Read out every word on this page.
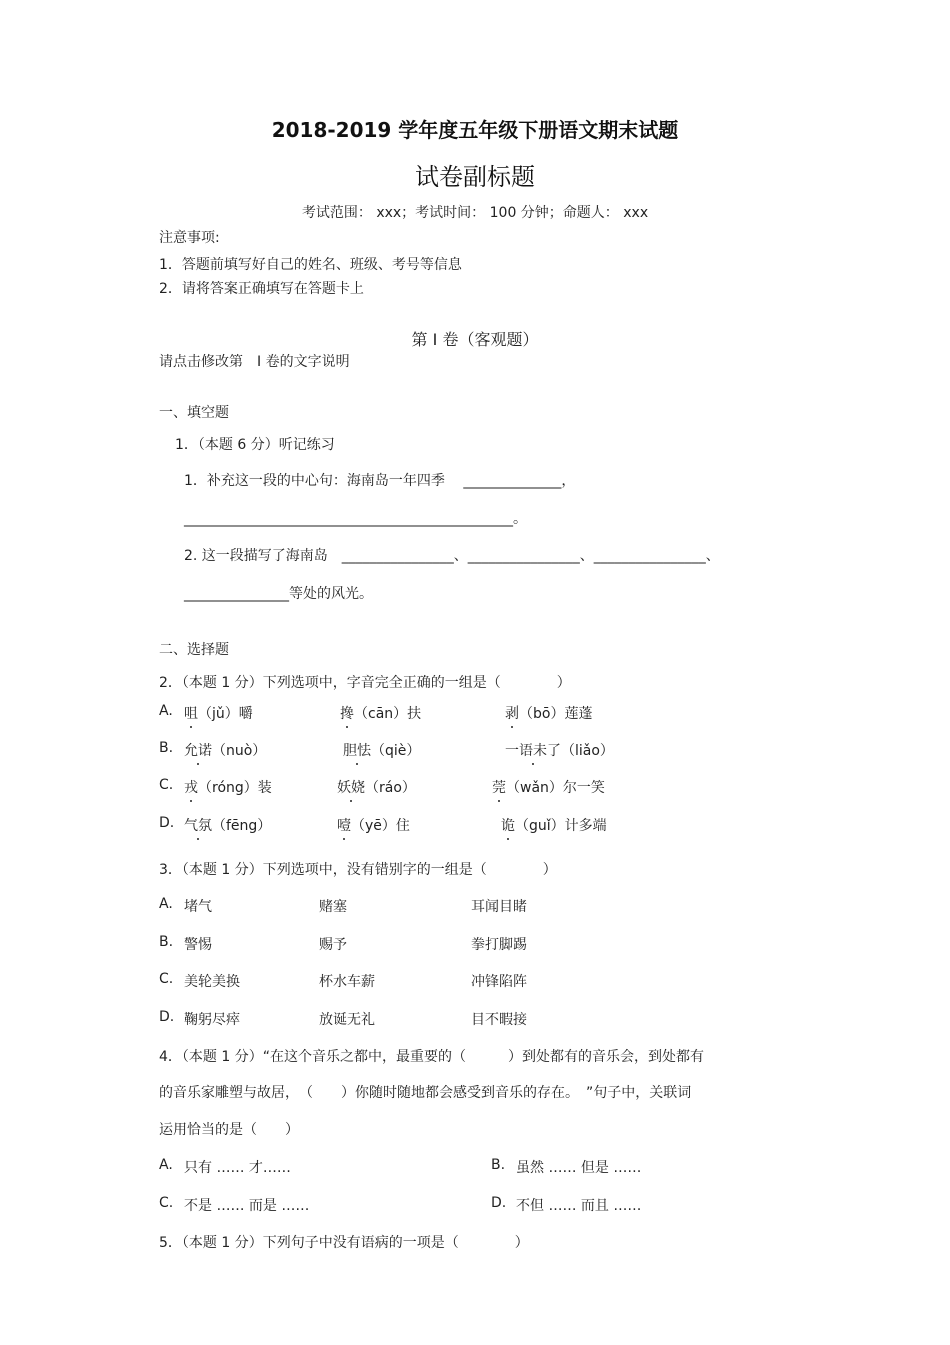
2018-2019 学年度五年级下册语文期末试题
试卷副标题
考试范围： xxx；考试时间： 100 分钟；命题人： xxx
注意事项:
1．答题前填写好自己的姓名、班级、考号等信息
2．请将答案正确填写在答题卡上
第 I 卷（客观题）
请点击修改第　I 卷的文字说明
一、填空题
1．（本题 6 分）听记练习
1．补充这一段的中心句：海南岛一年四季　 ______________，
_______________________________________________。
2. 这一段描写了海南岛　________________、________________、________________、
_______________等处的风光。
二、选择题
2．（本题 1 分）下列选项中，字音完全正确的一组是（　　　　）
A. 咀（jǔ）嚼	搀（cān）扶	剥（bō）莲蓬
B. 允诺（nuò）	胆怯（qiè）	一语未了（liǎo）
C. 戎（róng）装	妖娆（ráo）	莞（wǎn）尔一笑
D. 气氛（fēng）	噎（yē）住	诡（guǐ）计多端
3．（本题 1 分）下列选项中，没有错别字的一组是（　　　　）
A. 堵气	赌塞	耳闻目睹
B. 警惕	赐予	拳打脚踢
C. 美轮美换	杯水车薪	冲锋陷阵
D. 鞠躬尽瘁	放诞无礼	目不暇接
4．（本题 1 分）“在这个音乐之都中，最重要的（　　　）到处都有的音乐会，到处都有
的音乐家雕塑与故居，　（　　）你随时随地都会感受到音乐的存在。　”句子中，关联词
运用恰当的是（　　）
A. 只有 …… 才……	B. 虽然 …… 但是 ……
C. 不是 …… 而是 ……	D. 不但 …… 而且 ……
5．（本题 1 分）下列句子中没有语病的一项是（　　　　）
